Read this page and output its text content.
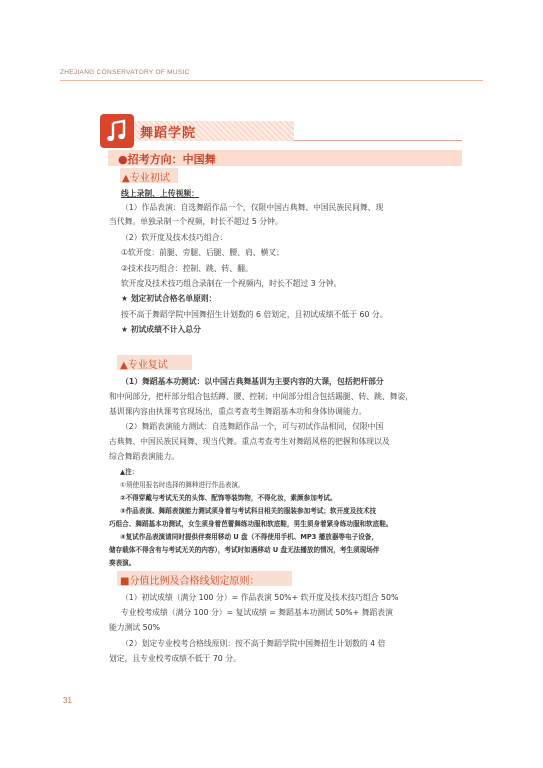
ZHEJIANG CONSERVATORY OF MUSIC
舞蹈学院
●招考方向：中国舞
▲专业初试
线上录制、上传视频：
（1）作品表演：自选舞蹈作品一个，仅限中国古典舞、中国民族民间舞、现
当代舞。单独录制一个视频，时长不超过 5 分钟。
（2）软开度及技术技巧组合：
①软开度：前腿、旁腿、后腿、腰、肩、横叉；
②技术技巧组合：控制、跳、转、翻。
软开度及技术技巧组合录制在一个视频内，时长不超过 3 分钟。
★ 划定初试合格名单原则：
按不高于舞蹈学院中国舞招生计划数的 6 倍划定，且初试成绩不低于 60 分。
★ 初试成绩不计入总分
▲专业复试
（1）舞蹈基本功测试：以中国古典舞基训为主要内容的大课，包括把杆部分
和中间部分，把杆部分组合包括蹲、腰、控制；中间部分组合包括踢腿、转、跳、舞姿，
基训课内容由执课考官现场出，重点考查考生舞蹈基本功和身体协调能力。
（2）舞蹈表演能力测试：自选舞蹈作品一个，可与初试作品相同，仅限中国
古典舞、中国民族民间舞、现当代舞。重点考查考生对舞蹈风格的把握和体现以及
综合舞蹈表演能力。
▲注：
①须使用报名时选择的舞种进行作品表演。
②不得穿戴与考试无关的头饰、配饰等装饰物，不得化妆，素颜参加考试。
③作品表演、舞蹈表演能力测试须身着与考试科目相关的服装参加考试；软开度及技术技
巧组合、舞蹈基本功测试，女生须身着芭蕾舞练功服和软底鞋，男生须身着紧身练功服和软底鞋。
④复试作品表演请同时提供伴奏用移动 U 盘（不得使用手机、MP3 播放器等电子设备，
储存载体不得含有与考试无关的内容），考试时如遇移动 U 盘无法播放的情况，考生须现场伴
奏表演。
■分值比例及合格线划定原则：
（1）初试成绩（满分 100 分）= 作品表演 50%+ 软开度及技术技巧组合 50%
专业校考成绩（满分 100 分）= 复试成绩 = 舞蹈基本功测试 50%+ 舞蹈表演
能力测试 50%
（2）划定专业校考合格线原则：按不高于舞蹈学院中国舞招生计划数的 4 倍
划定，且专业校考成绩不低于 70 分。
31
